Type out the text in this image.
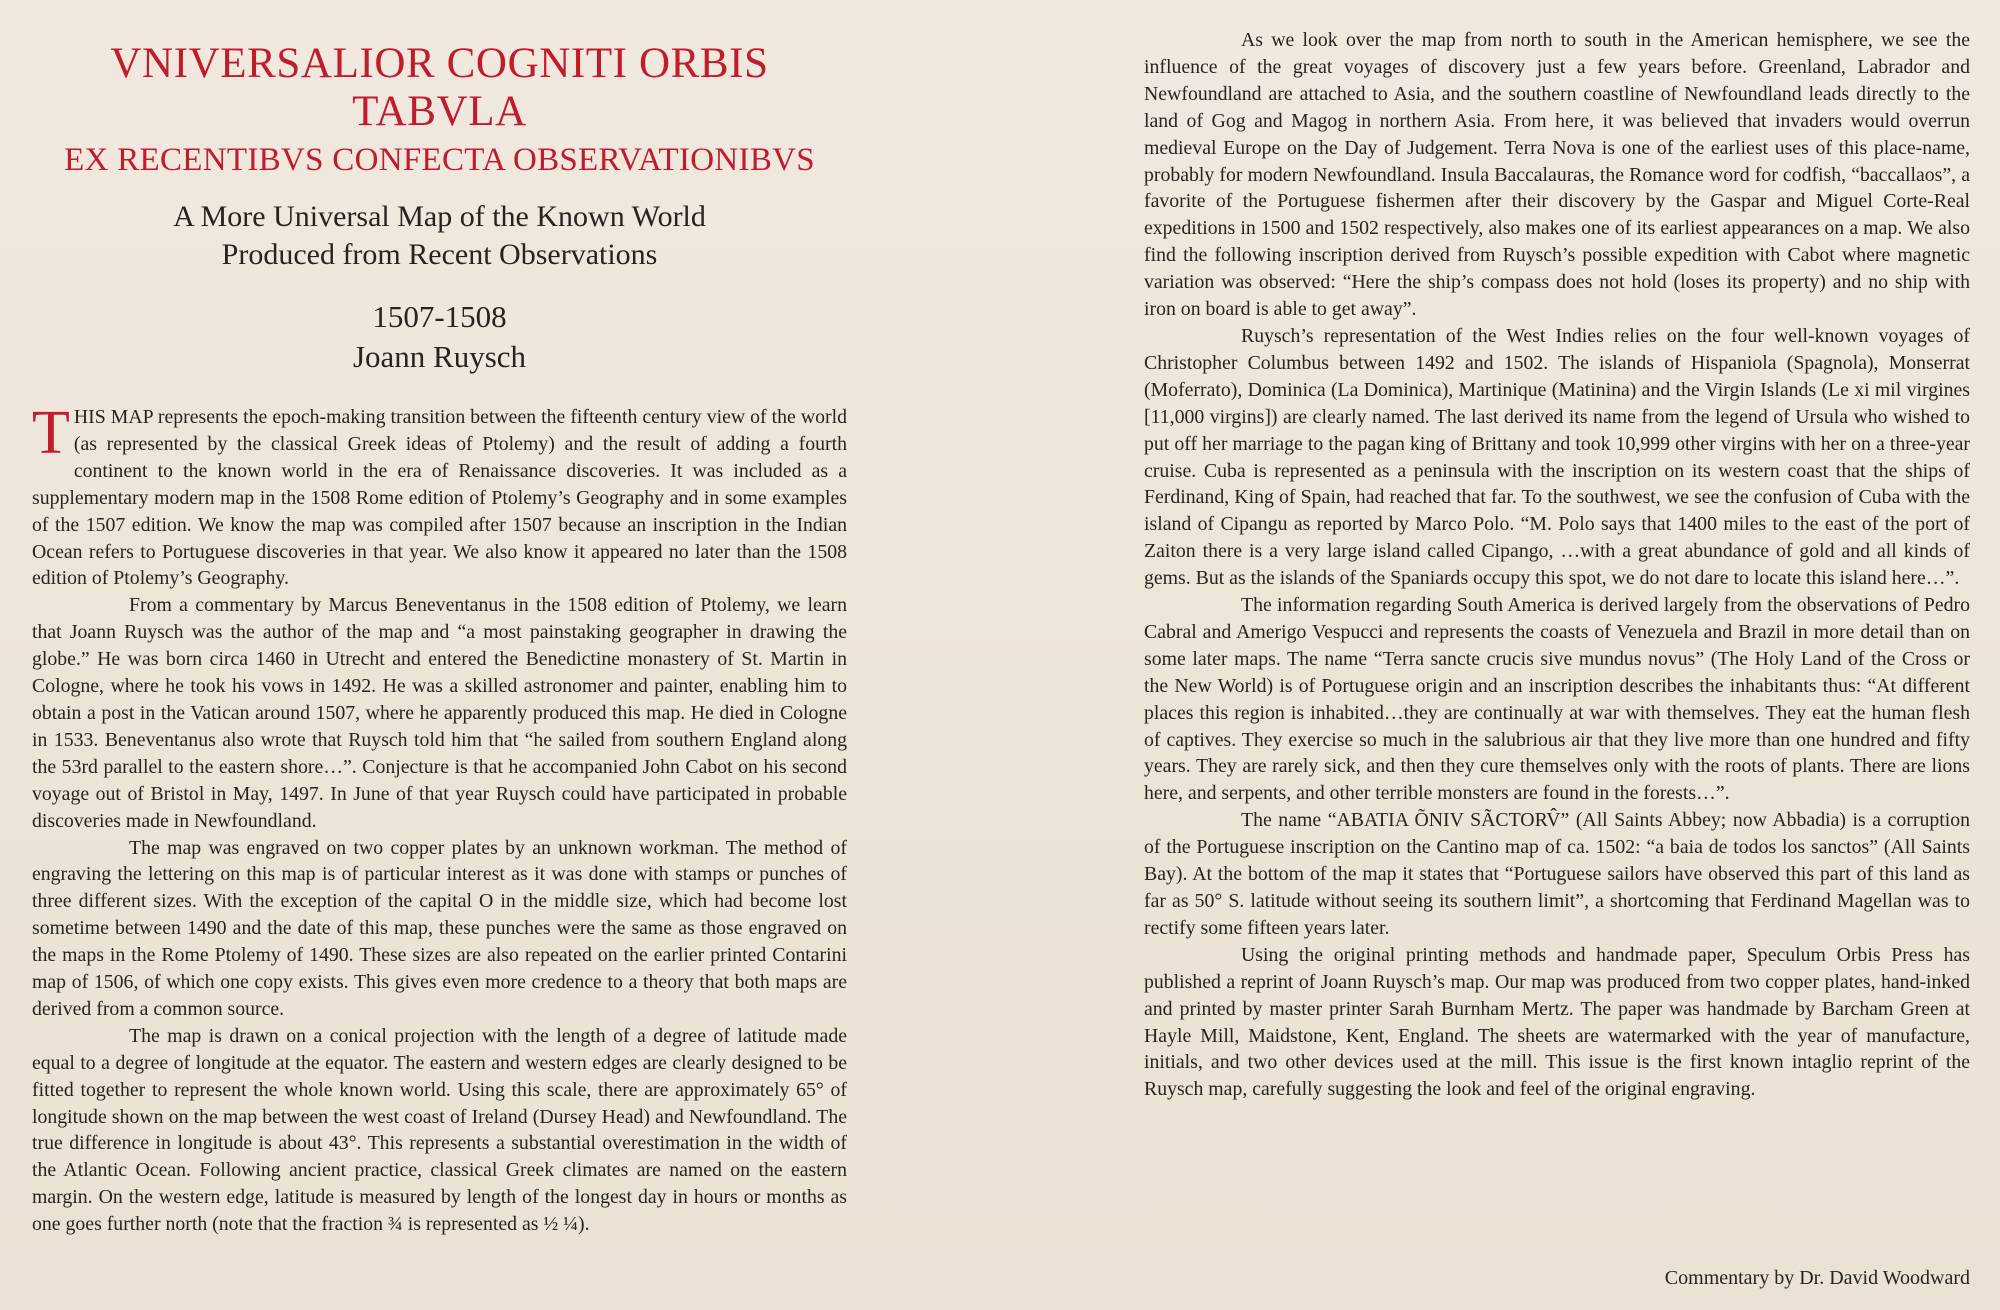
VNIVERSALIOR COGNITI ORBIS TABVLA
EX RECENTIBVS CONFECTA OBSERVATIONIBVS
A More Universal Map of the Known World
Produced from Recent Observations
1507-1508
Joann Ruysch

THIS MAP represents the epoch-making transition between the fifteenth century view of the world (as represented by the classical Greek ideas of Ptolemy) and the result of adding a fourth continent to the known world in the era of Renaissance discoveries. It was included as a supplementary modern map in the 1508 Rome edition of Ptolemy’s Geography and in some examples of the 1507 edition. We know the map was compiled after 1507 because an inscription in the Indian Ocean refers to Portuguese discoveries in that year. We also know it appeared no later than the 1508 edition of Ptolemy’s Geography.

From a commentary by Marcus Beneventanus in the 1508 edition of Ptolemy, we learn that Joann Ruysch was the author of the map and “a most painstaking geographer in drawing the globe.” He was born circa 1460 in Utrecht and entered the Benedictine monastery of St. Martin in Cologne, where he took his vows in 1492. He was a skilled astronomer and painter, enabling him to obtain a post in the Vatican around 1507, where he apparently produced this map. He died in Cologne in 1533. Beneventanus also wrote that Ruysch told him that “he sailed from southern England along the 53rd parallel to the eastern shore…”. Conjecture is that he accompanied John Cabot on his second voyage out of Bristol in May, 1497. In June of that year Ruysch could have participated in probable discoveries made in Newfoundland.

The map was engraved on two copper plates by an unknown workman. The method of engraving the lettering on this map is of particular interest as it was done with stamps or punches of three different sizes. With the exception of the capital O in the middle size, which had become lost sometime between 1490 and the date of this map, these punches were the same as those engraved on the maps in the Rome Ptolemy of 1490. These sizes are also repeated on the earlier printed Contarini map of 1506, of which one copy exists. This gives even more credence to a theory that both maps are derived from a common source.

The map is drawn on a conical projection with the length of a degree of latitude made equal to a degree of longitude at the equator. The eastern and western edges are clearly designed to be fitted together to represent the whole known world. Using this scale, there are approximately 65° of longitude shown on the map between the west coast of Ireland (Dursey Head) and Newfoundland. The true difference in longitude is about 43°. This represents a substantial overestimation in the width of the Atlantic Ocean. Following ancient practice, classical Greek climates are named on the eastern margin. On the western edge, latitude is measured by length of the longest day in hours or months as one goes further north (note that the fraction ¾ is represented as ½ ¼).

As we look over the map from north to south in the American hemisphere, we see the influence of the great voyages of discovery just a few years before. Greenland, Labrador and Newfoundland are attached to Asia, and the southern coastline of Newfoundland leads directly to the land of Gog and Magog in northern Asia. From here, it was believed that invaders would overrun medieval Europe on the Day of Judgement. Terra Nova is one of the earliest uses of this place-name, probably for modern Newfoundland. Insula Baccalauras, the Romance word for codfish, “baccallaos”, a favorite of the Portuguese fishermen after their discovery by the Gaspar and Miguel Corte-Real expeditions in 1500 and 1502 respectively, also makes one of its earliest appearances on a map. We also find the following inscription derived from Ruysch’s possible expedition with Cabot where magnetic variation was observed: “Here the ship’s compass does not hold (loses its property) and no ship with iron on board is able to get away”.

Ruysch’s representation of the West Indies relies on the four well-known voyages of Christopher Columbus between 1492 and 1502. The islands of Hispaniola (Spagnola), Monserrat (Moferrato), Dominica (La Dominica), Martinique (Matinina) and the Virgin Islands (Le xi mil virgines [11,000 virgins]) are clearly named. The last derived its name from the legend of Ursula who wished to put off her marriage to the pagan king of Brittany and took 10,999 other virgins with her on a three-year cruise. Cuba is represented as a peninsula with the inscription on its western coast that the ships of Ferdinand, King of Spain, had reached that far. To the southwest, we see the confusion of Cuba with the island of Cipangu as reported by Marco Polo. “M. Polo says that 1400 miles to the east of the port of Zaiton there is a very large island called Cipango, …with a great abundance of gold and all kinds of gems. But as the islands of the Spaniards occupy this spot, we do not dare to locate this island here…”.

The information regarding South America is derived largely from the observations of Pedro Cabral and Amerigo Vespucci and represents the coasts of Venezuela and Brazil in more detail than on some later maps. The name “Terra sancte crucis sive mundus novus” (The Holy Land of the Cross or the New World) is of Portuguese origin and an inscription describes the inhabitants thus: “At different places this region is inhabited…they are continually at war with themselves. They eat the human flesh of captives. They exercise so much in the salubrious air that they live more than one hundred and fifty years. They are rarely sick, and then they cure themselves only with the roots of plants. There are lions here, and serpents, and other terrible monsters are found in the forests…”.

The name “ABATIA ÕNIV SÃCTORV̂” (All Saints Abbey; now Abbadia) is a corruption of the Portuguese inscription on the Cantino map of ca. 1502: “a baia de todos los sanctos” (All Saints Bay). At the bottom of the map it states that “Portuguese sailors have observed this part of this land as far as 50° S. latitude without seeing its southern limit”, a shortcoming that Ferdinand Magellan was to rectify some fifteen years later.

Using the original printing methods and handmade paper, Speculum Orbis Press has published a reprint of Joann Ruysch’s map. Our map was produced from two copper plates, hand-inked and printed by master printer Sarah Burnham Mertz. The paper was handmade by Barcham Green at Hayle Mill, Maidstone, Kent, England. The sheets are watermarked with the year of manufacture, initials, and two other devices used at the mill. This issue is the first known intaglio reprint of the Ruysch map, carefully suggesting the look and feel of the original engraving.

Commentary by Dr. David Woodward
